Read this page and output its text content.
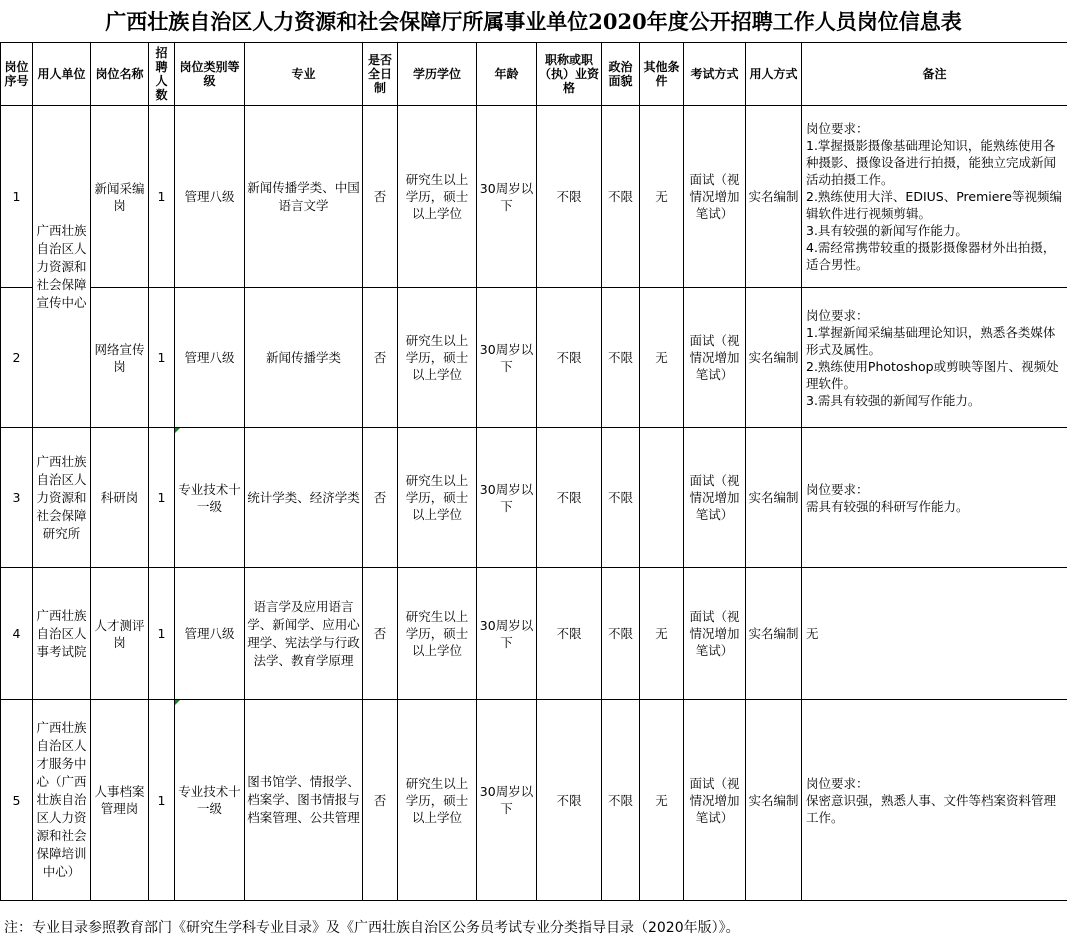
广西壮族自治区人力资源和社会保障厅所属事业单位2020年度公开招聘工作人员岗位信息表
岗位序号	用人单位	岗位名称	招聘人数	岗位类别等级	专业	是否全日制	学历学位	年龄	职称或职（执）业资格	政治面貌	其他条件	考试方式	用人方式	备注
1	广西壮族自治区人力资源和社会保障宣传中心	新闻采编岗	1	管理八级	新闻传播学类、中国语言文学	否	研究生以上学历，硕士以上学位	30周岁以下	不限	不限	无	面试（视情况增加笔试）	实名编制	岗位要求：
1.掌握摄影摄像基础理论知识，能熟练使用各种摄影、摄像设备进行拍摄，能独立完成新闻活动拍摄工作。
2.熟练使用大洋、EDIUS、Premiere等视频编辑软件进行视频剪辑。
3.具有较强的新闻写作能力。
4.需经常携带较重的摄影摄像器材外出拍摄，适合男性。

2		网络宣传岗	1	管理八级	新闻传播学类	否	研究生以上学历，硕士以上学位	30周岁以下	不限	不限	无	面试（视情况增加笔试）	实名编制	岗位要求：
1.掌握新闻采编基础理论知识，熟悉各类媒体形式及属性。
2.熟练使用Photoshop或剪映等图片、视频处理软件。
3.需具有较强的新闻写作能力。

3	广西壮族自治区人力资源和社会保障研究所	科研岗	1	专业技术十一级	统计学类、经济学类	否	研究生以上学历，硕士以上学位	30周岁以下	不限	不限		面试（视情况增加笔试）	实名编制	岗位要求：
需具有较强的科研写作能力。

4	广西壮族自治区人事考试院	人才测评岗	1	管理八级	语言学及应用语言学、新闻学、应用心理学、宪法学与行政法学、教育学原理	否	研究生以上学历，硕士以上学位	30周岁以下	不限	不限	无	面试（视情况增加笔试）	实名编制	无

5	广西壮族自治区人才服务中心（广西壮族自治区人力资源和社会保障培训中心）	人事档案管理岗	1	专业技术十一级	图书馆学、情报学、档案学、图书情报与档案管理、公共管理	否	研究生以上学历，硕士以上学位	30周岁以下	不限	不限	无	面试（视情况增加笔试）	实名编制	岗位要求：
保密意识强，熟悉人事、文件等档案资料管理工作。
注：专业目录参照教育部门《研究生学科专业目录》及《广西壮族自治区公务员考试专业分类指导目录（2020年版）》。
